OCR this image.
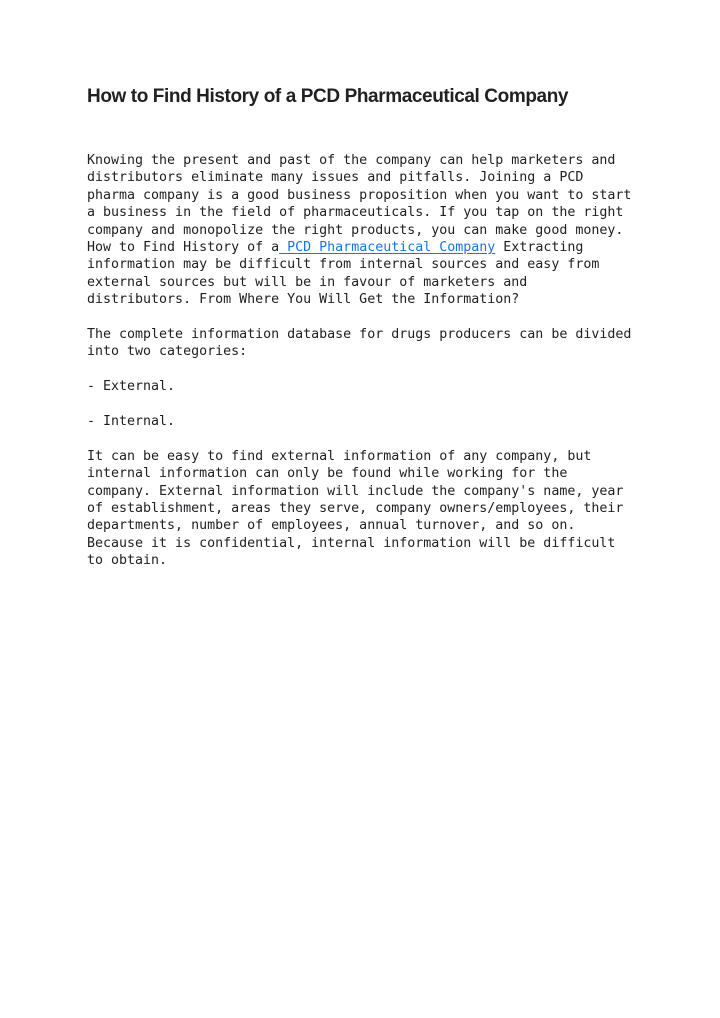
How to Find History of a PCD Pharmaceutical Company

Knowing the present and past of the company can help marketers and distributors eliminate many issues and pitfalls. Joining a PCD pharma company is a good business proposition when you want to start a business in the field of pharmaceuticals. If you tap on the right company and monopolize the right products, you can make good money. How to Find History of a PCD Pharmaceutical Company Extracting information may be difficult from internal sources and easy from external sources but will be in favour of marketers and distributors. From Where You Will Get the Information?

The complete information database for drugs producers can be divided into two categories:

- External.

- Internal.

It can be easy to find external information of any company, but internal information can only be found while working for the company. External information will include the company's name, year of establishment, areas they serve, company owners/employees, their departments, number of employees, annual turnover, and so on. Because it is confidential, internal information will be difficult to obtain.
